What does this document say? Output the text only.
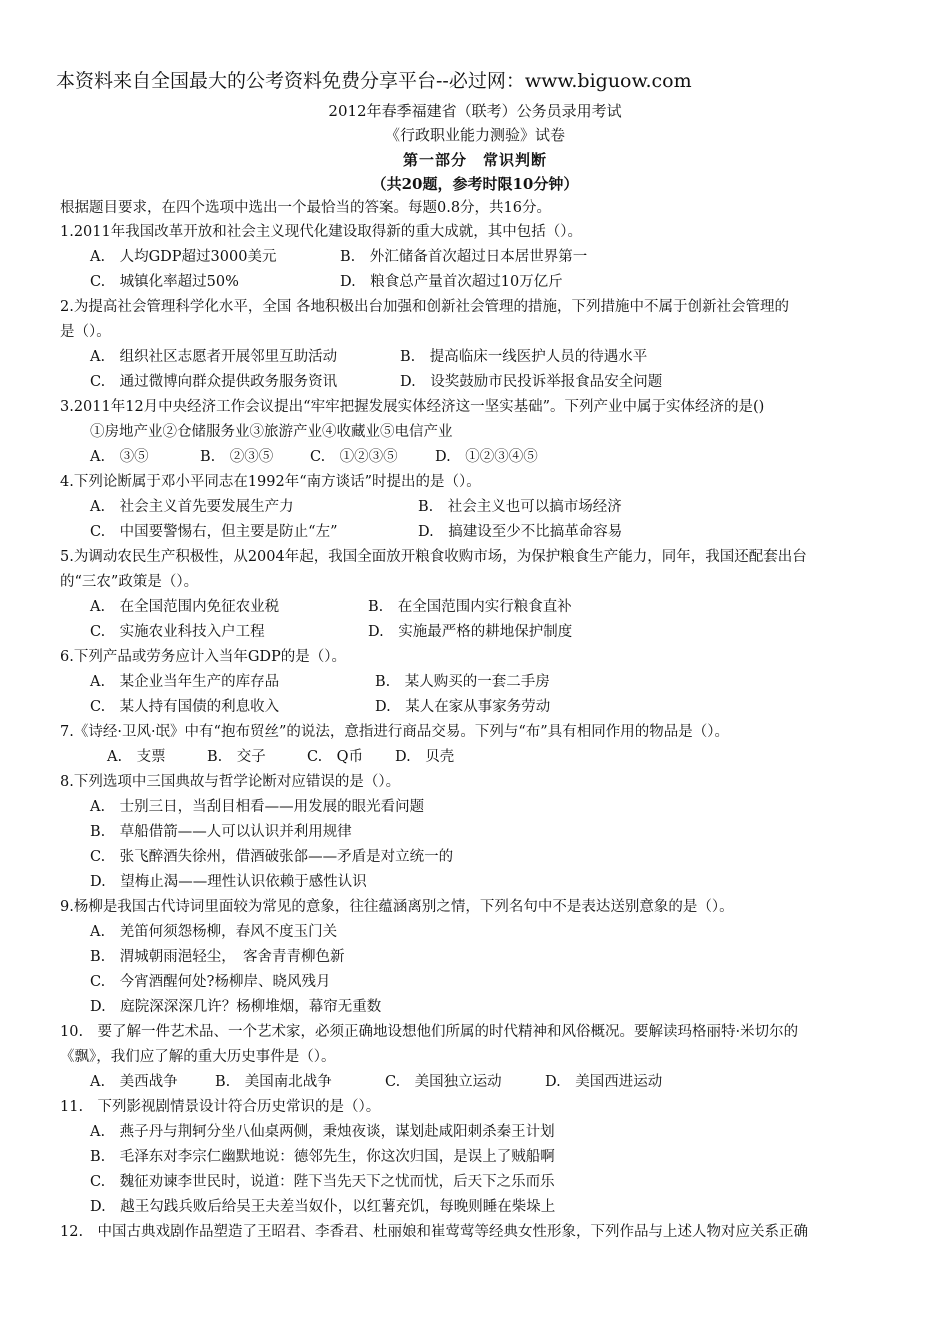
本资料来自全国最大的公考资料免费分享平台--必过网：www.biguow.com
2012年春季福建省（联考）公务员录用考试
《行政职业能力测验》试卷
第一部分　常识判断
（共20题，参考时限10分钟）
根据题目要求，在四个选项中选出一个最恰当的答案。每题0.8分，共16分。
1.2011年我国改革开放和社会主义现代化建设取得新的重大成就，其中包括（）。
A.　人均GDP超过3000美元	B.　外汇储备首次超过日本居世界第一
C.　城镇化率超过50%	D.　粮食总产量首次超过10万亿斤
2.为提高社会管理科学化水平，全国 各地积极出台加强和创新社会管理的措施，下列措施中不属于创新社会管理的
是（）。
A.　组织社区志愿者开展邻里互助活动	B.　提高临床一线医护人员的待遇水平
C.　通过微博向群众提供政务服务资讯	D.　设奖鼓励市民投诉举报食品安全问题
3.2011年12月中央经济工作会议提出“牢牢把握发展实体经济这一坚实基础”。下列产业中属于实体经济的是()
①房地产业②仓储服务业③旅游产业④收藏业⑤电信产业
A.　③⑤	B.　②③⑤	C.　①②③⑤	D.　①②③④⑤
4.下列论断属于邓小平同志在1992年“南方谈话”时提出的是（）。
A.　社会主义首先要发展生产力	B.　社会主义也可以搞市场经济
C.　中国要警惕右，但主要是防止“左”	D.　搞建设至少不比搞革命容易
5.为调动农民生产积极性，从2004年起，我国全面放开粮食收购市场，为保护粮食生产能力，同年，我国还配套出台
的“三农”政策是（）。
A.　在全国范围内免征农业税	B.　在全国范围内实行粮食直补
C.　实施农业科技入户工程	D.　实施最严格的耕地保护制度
6.下列产品或劳务应计入当年GDP的是（）。
A.　某企业当年生产的库存品	B.　某人购买的一套二手房
C.　某人持有国债的利息收入	D.　某人在家从事家务劳动
7.《诗经·卫风·氓》中有“抱布贸丝”的说法，意指进行商品交易。下列与“布”具有相同作用的物品是（）。
A.　支票	B.　交子	C.　Q币 D.　贝壳
8.下列选项中三国典故与哲学论断对应错误的是（）。
A.　士别三日，当刮目相看——用发展的眼光看问题
B.　草船借箭——人可以认识并利用规律
C.　张飞醉酒失徐州，借酒破张郃——矛盾是对立统一的
D.　望梅止渴——理性认识依赖于感性认识
9.杨柳是我国古代诗词里面较为常见的意象，往往蕴涵离别之情，下列名句中不是表达送别意象的是（）。
A.　羌笛何须怨杨柳，春风不度玉门关
B.　渭城朝雨浥轻尘，　客舍青青柳色新
C.　今宵酒醒何处?杨柳岸、晓风残月
D.　庭院深深深几许？杨柳堆烟，幕帘无重数
10.　要了解一件艺术品、一个艺术家，必须正确地设想他们所属的时代精神和风俗概况。要解读玛格丽特·米切尔的
《飘》，我们应了解的重大历史事件是（）。
A.　美西战争	B.　美国南北战争	C.　美国独立运动	D.　美国西进运动
11.　下列影视剧情景设计符合历史常识的是（）。
A.　燕子丹与荆轲分坐八仙桌两侧，秉烛夜谈，谋划赴咸阳刺杀秦王计划
B.　毛泽东对李宗仁幽默地说：德邻先生，你这次归国，是误上了贼船啊
C.　魏征劝谏李世民时，说道：陛下当先天下之忧而忧，后天下之乐而乐
D.　越王勾践兵败后给吴王夫差当奴仆，以红薯充饥，每晚则睡在柴垛上
12.　中国古典戏剧作品塑造了王昭君、李香君、杜丽娘和崔莺莺等经典女性形象，下列作品与上述人物对应关系正确
